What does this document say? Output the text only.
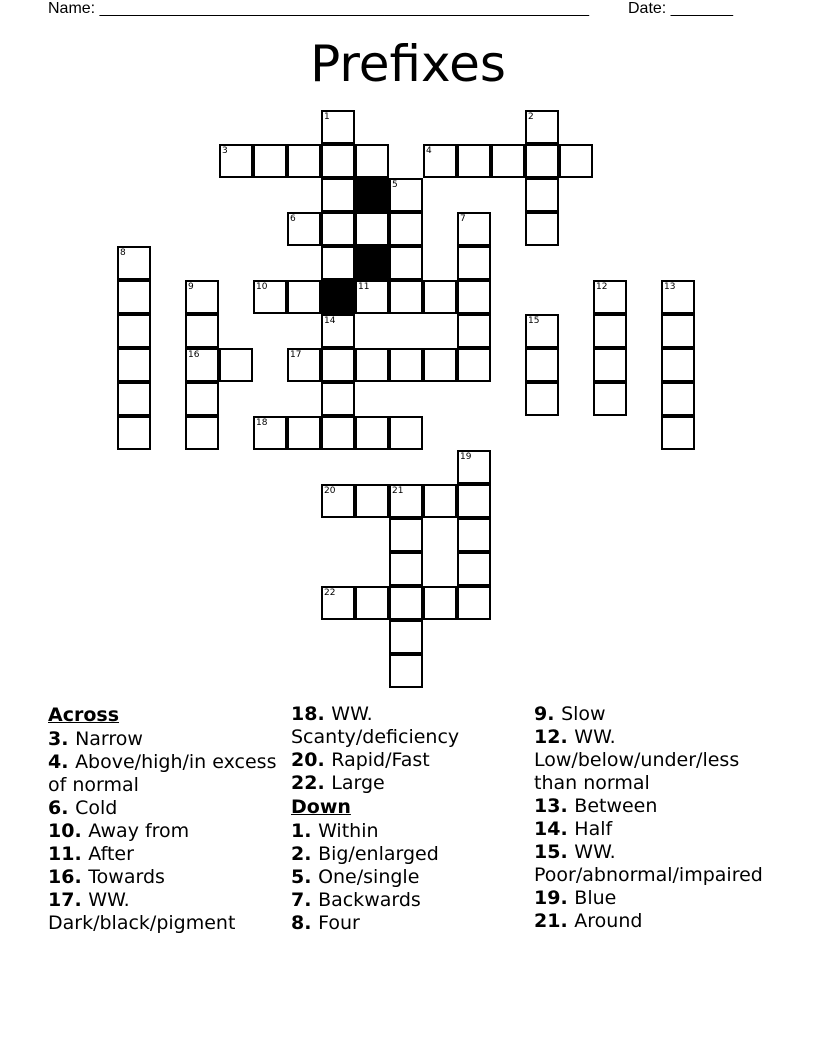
Name: _______________________________________________________ Date: _______
Prefixes
1	2
3	4
5
6	7
8
9	10	11	12	13
14	15
16	17
18
19
20	21
22
Across
3. Narrow
4. Above/high/in excess of normal
6. Cold
10. Away from
11. After
16. Towards
17. WW. Dark/black/pigment
18. WW. Scanty/deficiency
20. Rapid/Fast
22. Large
Down
1. Within
2. Big/enlarged
5. One/single
7. Backwards
8. Four
9. Slow
12. WW.
Low/below/under/less
than normal
13. Between
14. Half
15. WW.
Poor/abnormal/impaired
19. Blue
21. Around
